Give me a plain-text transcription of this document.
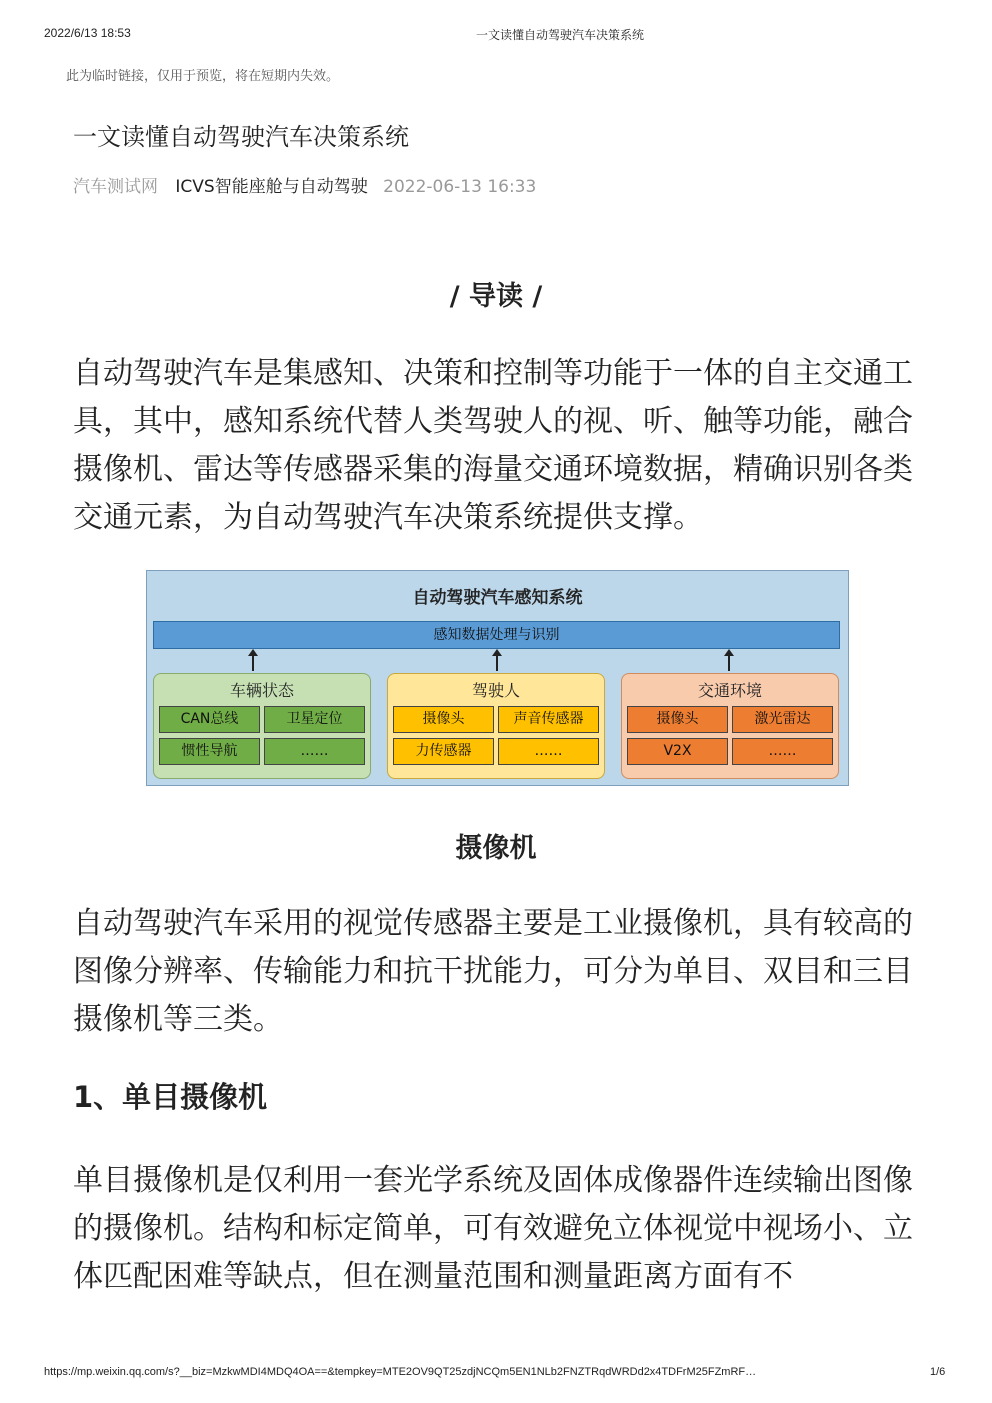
2022/6/13 18:53	一文读懂自动驾驶汽车决策系统
此为临时链接，仅用于预览，将在短期内失效。
一文读懂自动驾驶汽车决策系统
汽车测试网 ICVS智能座舱与自动驾驶 2022-06-13 16:33
/ 导读 /
自动驾驶汽车是集感知、决策和控制等功能于一体的自主交通工具，其中，感知系统代替人类驾驶人的视、听、触等功能，融合摄像机、雷达等传感器采集的海量交通环境数据，精确识别各类交通元素，为自动驾驶汽车决策系统提供支撑。
自动驾驶汽车感知系统
感知数据处理与识别
车辆状态
CAN总线	卫星定位
惯性导航	……
驾驶人
摄像头	声音传感器
力传感器	……
交通环境
摄像头	激光雷达
V2X	……
摄像机
自动驾驶汽车采用的视觉传感器主要是工业摄像机，具有较高的图像分辨率、传输能力和抗干扰能力，可分为单目、双目和三目摄像机等三类。
1、单目摄像机
单目摄像机是仅利用一套光学系统及固体成像器件连续输出图像的摄像机。结构和标定简单，可有效避免立体视觉中视场小、立体匹配困难等缺点，但在测量范围和测量距离方面有不
https://mp.weixin.qq.com/s?__biz=MzkwMDI4MDQ4OA==&tempkey=MTE2OV9QT25zdjNCQm5EN1NLb2FNZTRqdWRDd2x4TDFrM25FZmRF…	1/6
